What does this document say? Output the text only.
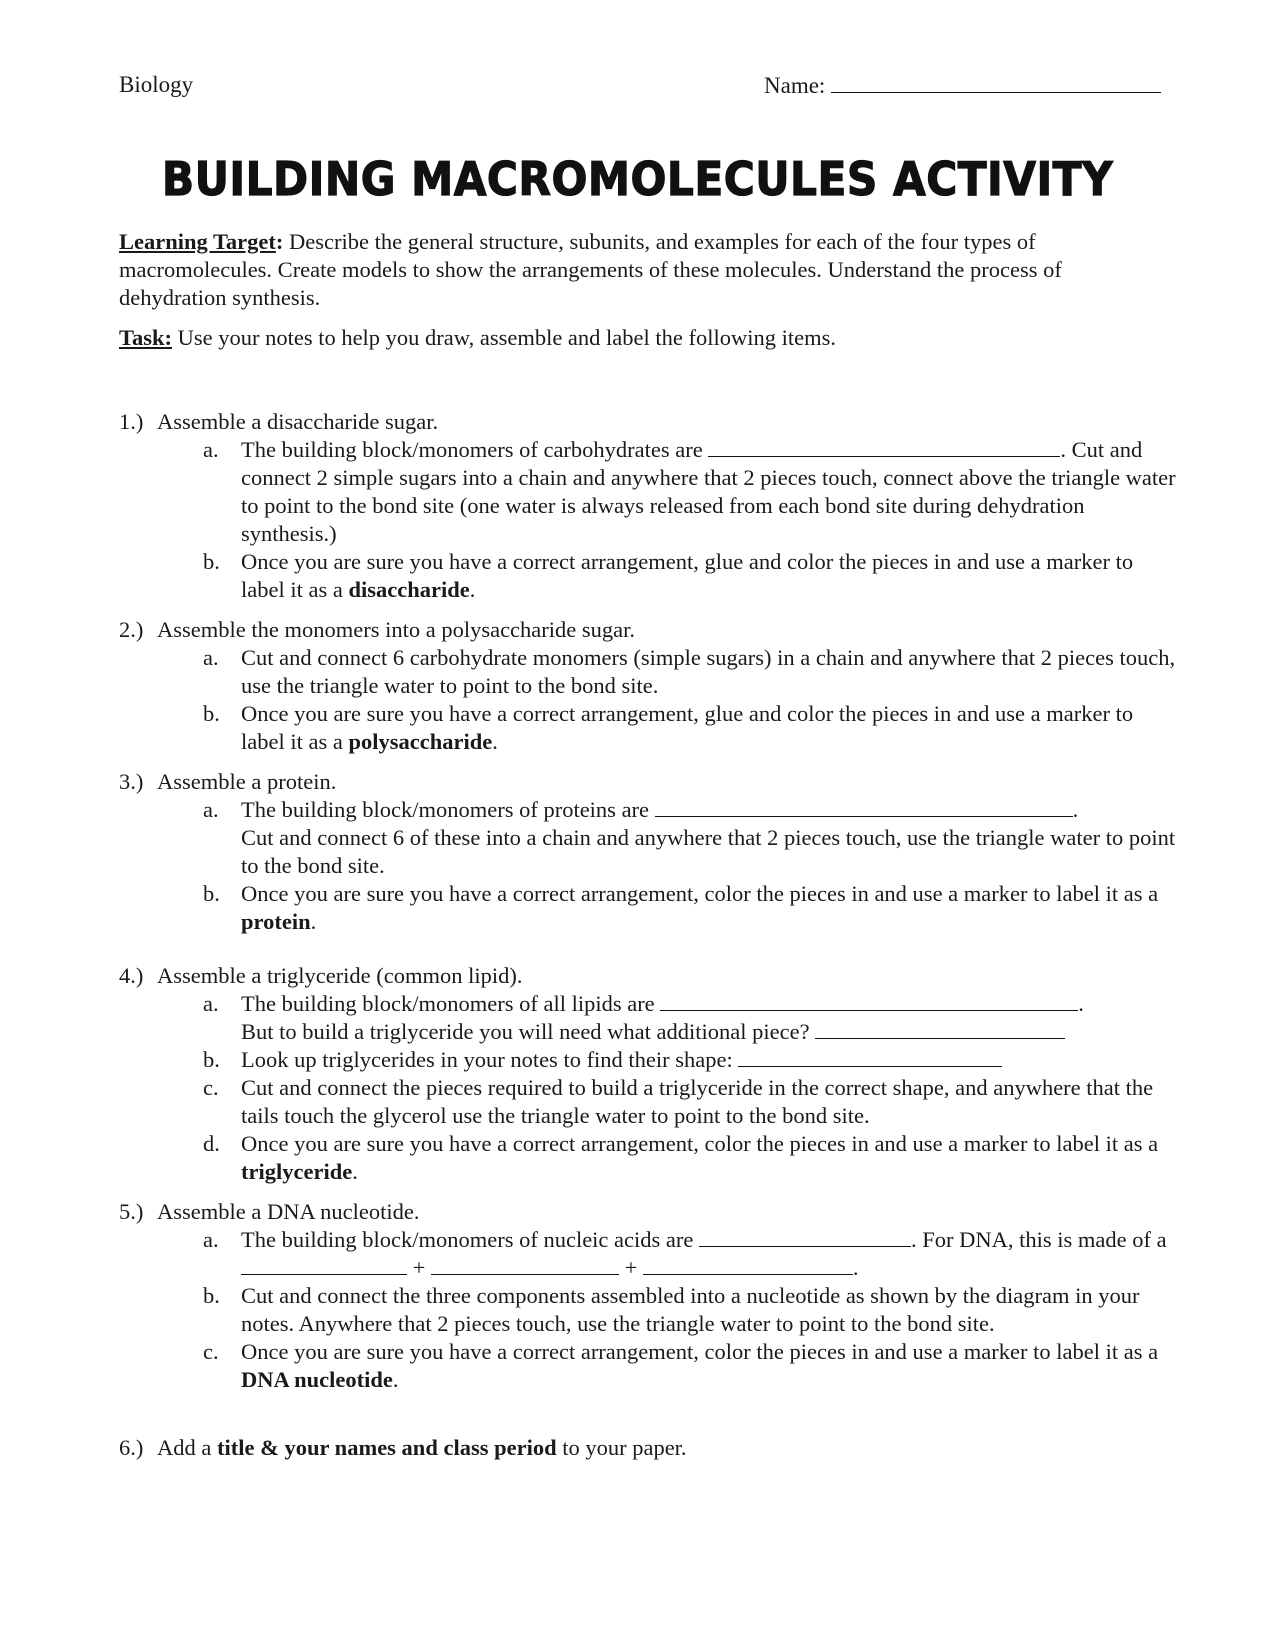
Biology	Name:
BUILDING MACROMOLECULES ACTIVITY
Learning Target: Describe the general structure, subunits, and examples for each of the four types of macromolecules. Create models to show the arrangements of these molecules. Understand the process of dehydration synthesis.
Task: Use your notes to help you draw, assemble and label the following items.
1.) Assemble a disaccharide sugar.
a. The building block/monomers of carbohydrates are	. Cut and connect 2 simple sugars into a chain and anywhere that 2 pieces touch, connect above the triangle water to point to the bond site (one water is always released from each bond site during dehydration synthesis.)
b. Once you are sure you have a correct arrangement, glue and color the pieces in and use a marker to label it as a disaccharide.
2.) Assemble the monomers into a polysaccharide sugar.
a. Cut and connect 6 carbohydrate monomers (simple sugars) in a chain and anywhere that 2 pieces touch, use the triangle water to point to the bond site.
b. Once you are sure you have a correct arrangement, glue and color the pieces in and use a marker to label it as a polysaccharide.
3.) Assemble a protein.
a. The building block/monomers of proteins are	.
Cut and connect 6 of these into a chain and anywhere that 2 pieces touch, use the triangle water to point to the bond site.
b. Once you are sure you have a correct arrangement, color the pieces in and use a marker to label it as a protein.
4.) Assemble a triglyceride (common lipid).
a. The building block/monomers of all lipids are	.
But to build a triglyceride you will need what additional piece?
b. Look up triglycerides in your notes to find their shape:
c. Cut and connect the pieces required to build a triglyceride in the correct shape, and anywhere that the tails touch the glycerol use the triangle water to point to the bond site.
d. Once you are sure you have a correct arrangement, color the pieces in and use a marker to label it as a triglyceride.
5.) Assemble a DNA nucleotide.
a. The building block/monomers of nucleic acids are	. For DNA, this is made of a  +	+	.
b. Cut and connect the three components assembled into a nucleotide as shown by the diagram in your notes. Anywhere that 2 pieces touch, use the triangle water to point to the bond site.
c. Once you are sure you have a correct arrangement, color the pieces in and use a marker to label it as a DNA nucleotide.
6.) Add a title & your names and class period to your paper.
